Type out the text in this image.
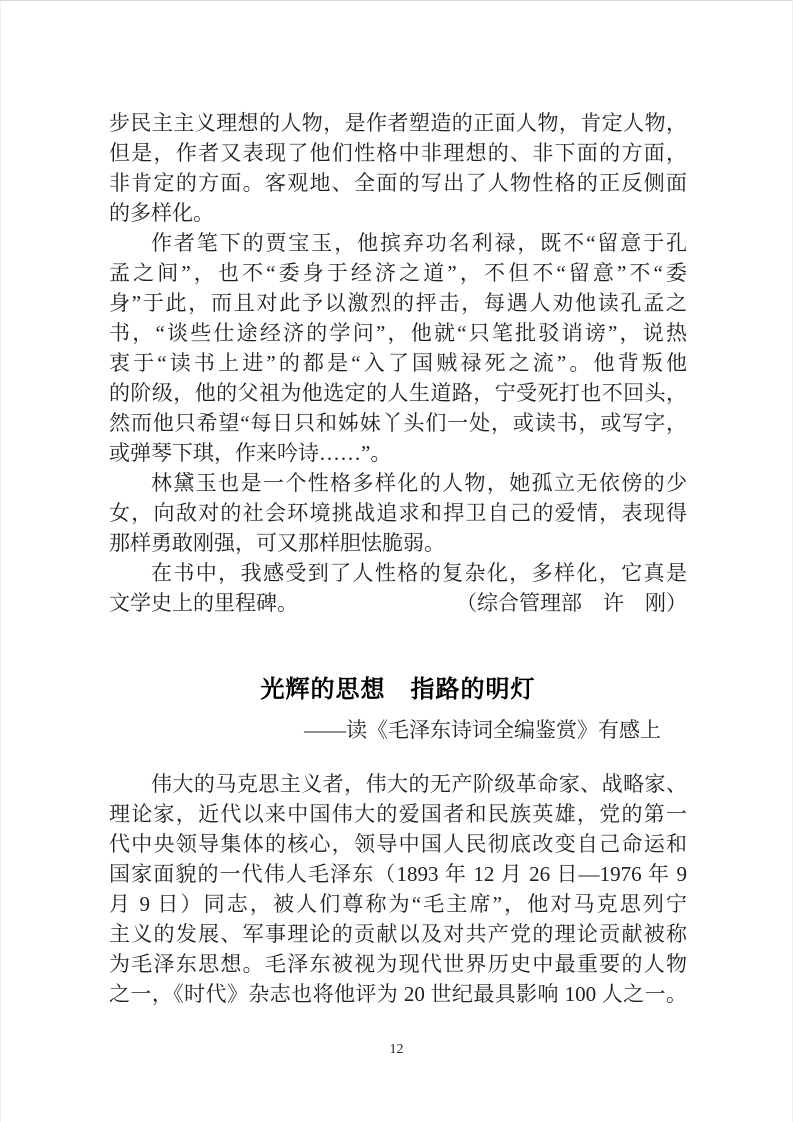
步民主主义理想的人物，是作者塑造的正面人物，肯定人物，
但是，作者又表现了他们性格中非理想的、非下面的方面，
非肯定的方面。客观地、全面的写出了人物性格的正反侧面
的多样化。
作者笔下的贾宝玉，他摈弃功名利禄，既不“留意于孔
孟之间”，也不“委身于经济之道”，不但不“留意”不“委
身”于此，而且对此予以激烈的抨击，每遇人劝他读孔孟之
书，“谈些仕途经济的学问”，他就“只笔批驳诮谤”，说热
衷于“读书上进”的都是“入了国贼禄死之流”。他背叛他
的阶级，他的父祖为他选定的人生道路，宁受死打也不回头，
然而他只希望“每日只和姊妹丫头们一处，或读书，或写字，
或弹琴下琪，作来吟诗……”。
林黛玉也是一个性格多样化的人物，她孤立无依傍的少
女，向敌对的社会环境挑战追求和捍卫自己的爱情，表现得
那样勇敢刚强，可又那样胆怯脆弱。
在书中，我感受到了人性格的复杂化，多样化，它真是
文学史上的里程碑。	（综合管理部　许　刚）
光辉的思想　指路的明灯
——读《毛泽东诗词全编鉴赏》有感上
伟大的马克思主义者，伟大的无产阶级革命家、战略家、
理论家，近代以来中国伟大的爱国者和民族英雄，党的第一
代中央领导集体的核心，领导中国人民彻底改变自己命运和
国家面貌的一代伟人毛泽东（1893 年 12 月 26 日—1976 年 9
月 9 日）同志，被人们尊称为“毛主席”，他对马克思列宁
主义的发展、军事理论的贡献以及对共产党的理论贡献被称
为毛泽东思想。毛泽东被视为现代世界历史中最重要的人物
之一，《时代》杂志也将他评为 20 世纪最具影响 100 人之一。
12
